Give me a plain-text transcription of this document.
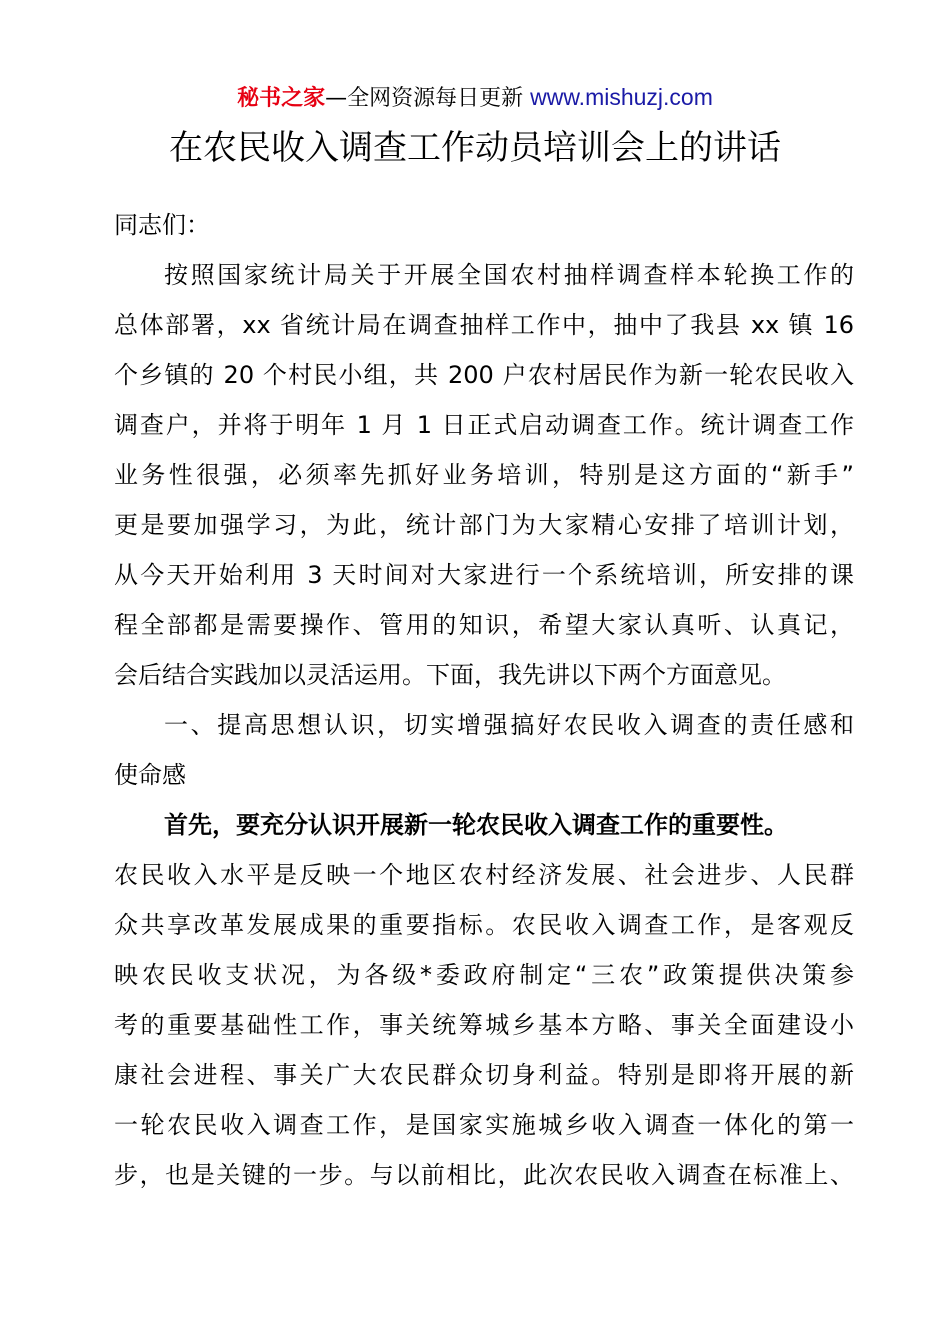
秘书之家—全网资源每日更新 www.mishuzj.com
在农民收入调查工作动员培训会上的讲话

同志们：

按照国家统计局关于开展全国农村抽样调查样本轮换工作的
总体部署，xx 省统计局在调查抽样工作中，抽中了我县 xx 镇 16
个乡镇的 20 个村民小组，共 200 户农村居民作为新一轮农民收入
调查户，并将于明年 1 月 1 日正式启动调查工作。统计调查工作
业务性很强，必须率先抓好业务培训，特别是这方面的“新手”
更是要加强学习，为此，统计部门为大家精心安排了培训计划，
从今天开始利用 3 天时间对大家进行一个系统培训，所安排的课
程全部都是需要操作、管用的知识，希望大家认真听、认真记，
会后结合实践加以灵活运用。下面，我先讲以下两个方面意见。

一、提高思想认识，切实增强搞好农民收入调查的责任感和
使命感

首先，要充分认识开展新一轮农民收入调查工作的重要性。
农民收入水平是反映一个地区农村经济发展、社会进步、人民群
众共享改革发展成果的重要指标。农民收入调查工作，是客观反
映农民收支状况，为各级*委政府制定“三农”政策提供决策参
考的重要基础性工作，事关统筹城乡基本方略、事关全面建设小
康社会进程、事关广大农民群众切身利益。特别是即将开展的新
一轮农民收入调查工作，是国家实施城乡收入调查一体化的第一
步，也是关键的一步。与以前相比，此次农民收入调查在标准上、
